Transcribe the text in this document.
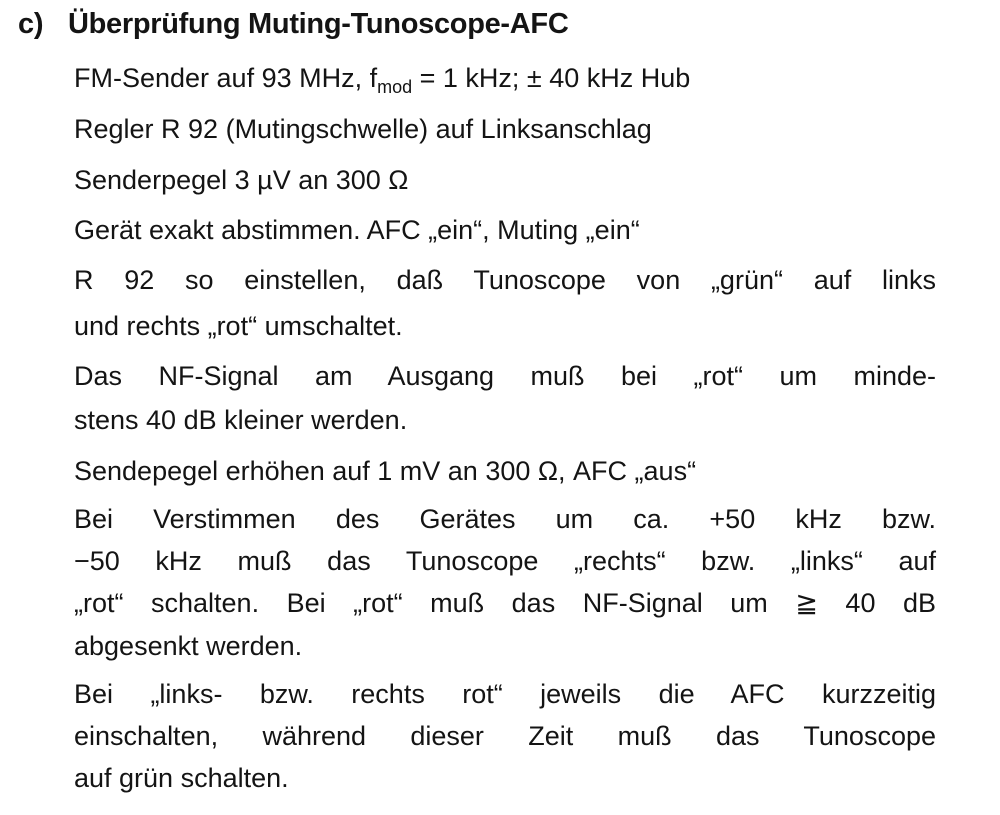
c) Überprüfung Muting-Tunoscope-AFC
FM-Sender auf 93 MHz, $f_{mod} = 1$ kHz; ± 40 kHz Hub
Regler R 92 (Mutingschwelle) auf Linksanschlag
Senderpegel 3 µV an 300 Ω
Gerät exakt abstimmen. AFC „ein“, Muting „ein“
R 92 so einstellen, daß Tunoscope von „grün“ auf links
und rechts „rot“ umschaltet.
Das NF-Signal am Ausgang muß bei „rot“ um minde-
stens 40 dB kleiner werden.
Sendepegel erhöhen auf 1 mV an 300 Ω, AFC „aus“
Bei Verstimmen des Gerätes um ca. +50 kHz bzw.
−50 kHz muß das Tunoscope „rechts“ bzw. „links“ auf
„rot“ schalten. Bei „rot“ muß das NF-Signal um ≧ 40 dB
abgesenkt werden.
Bei „links- bzw. rechts rot“ jeweils die AFC kurzzeitig
einschalten, während dieser Zeit muß das Tunoscope
auf grün schalten.
